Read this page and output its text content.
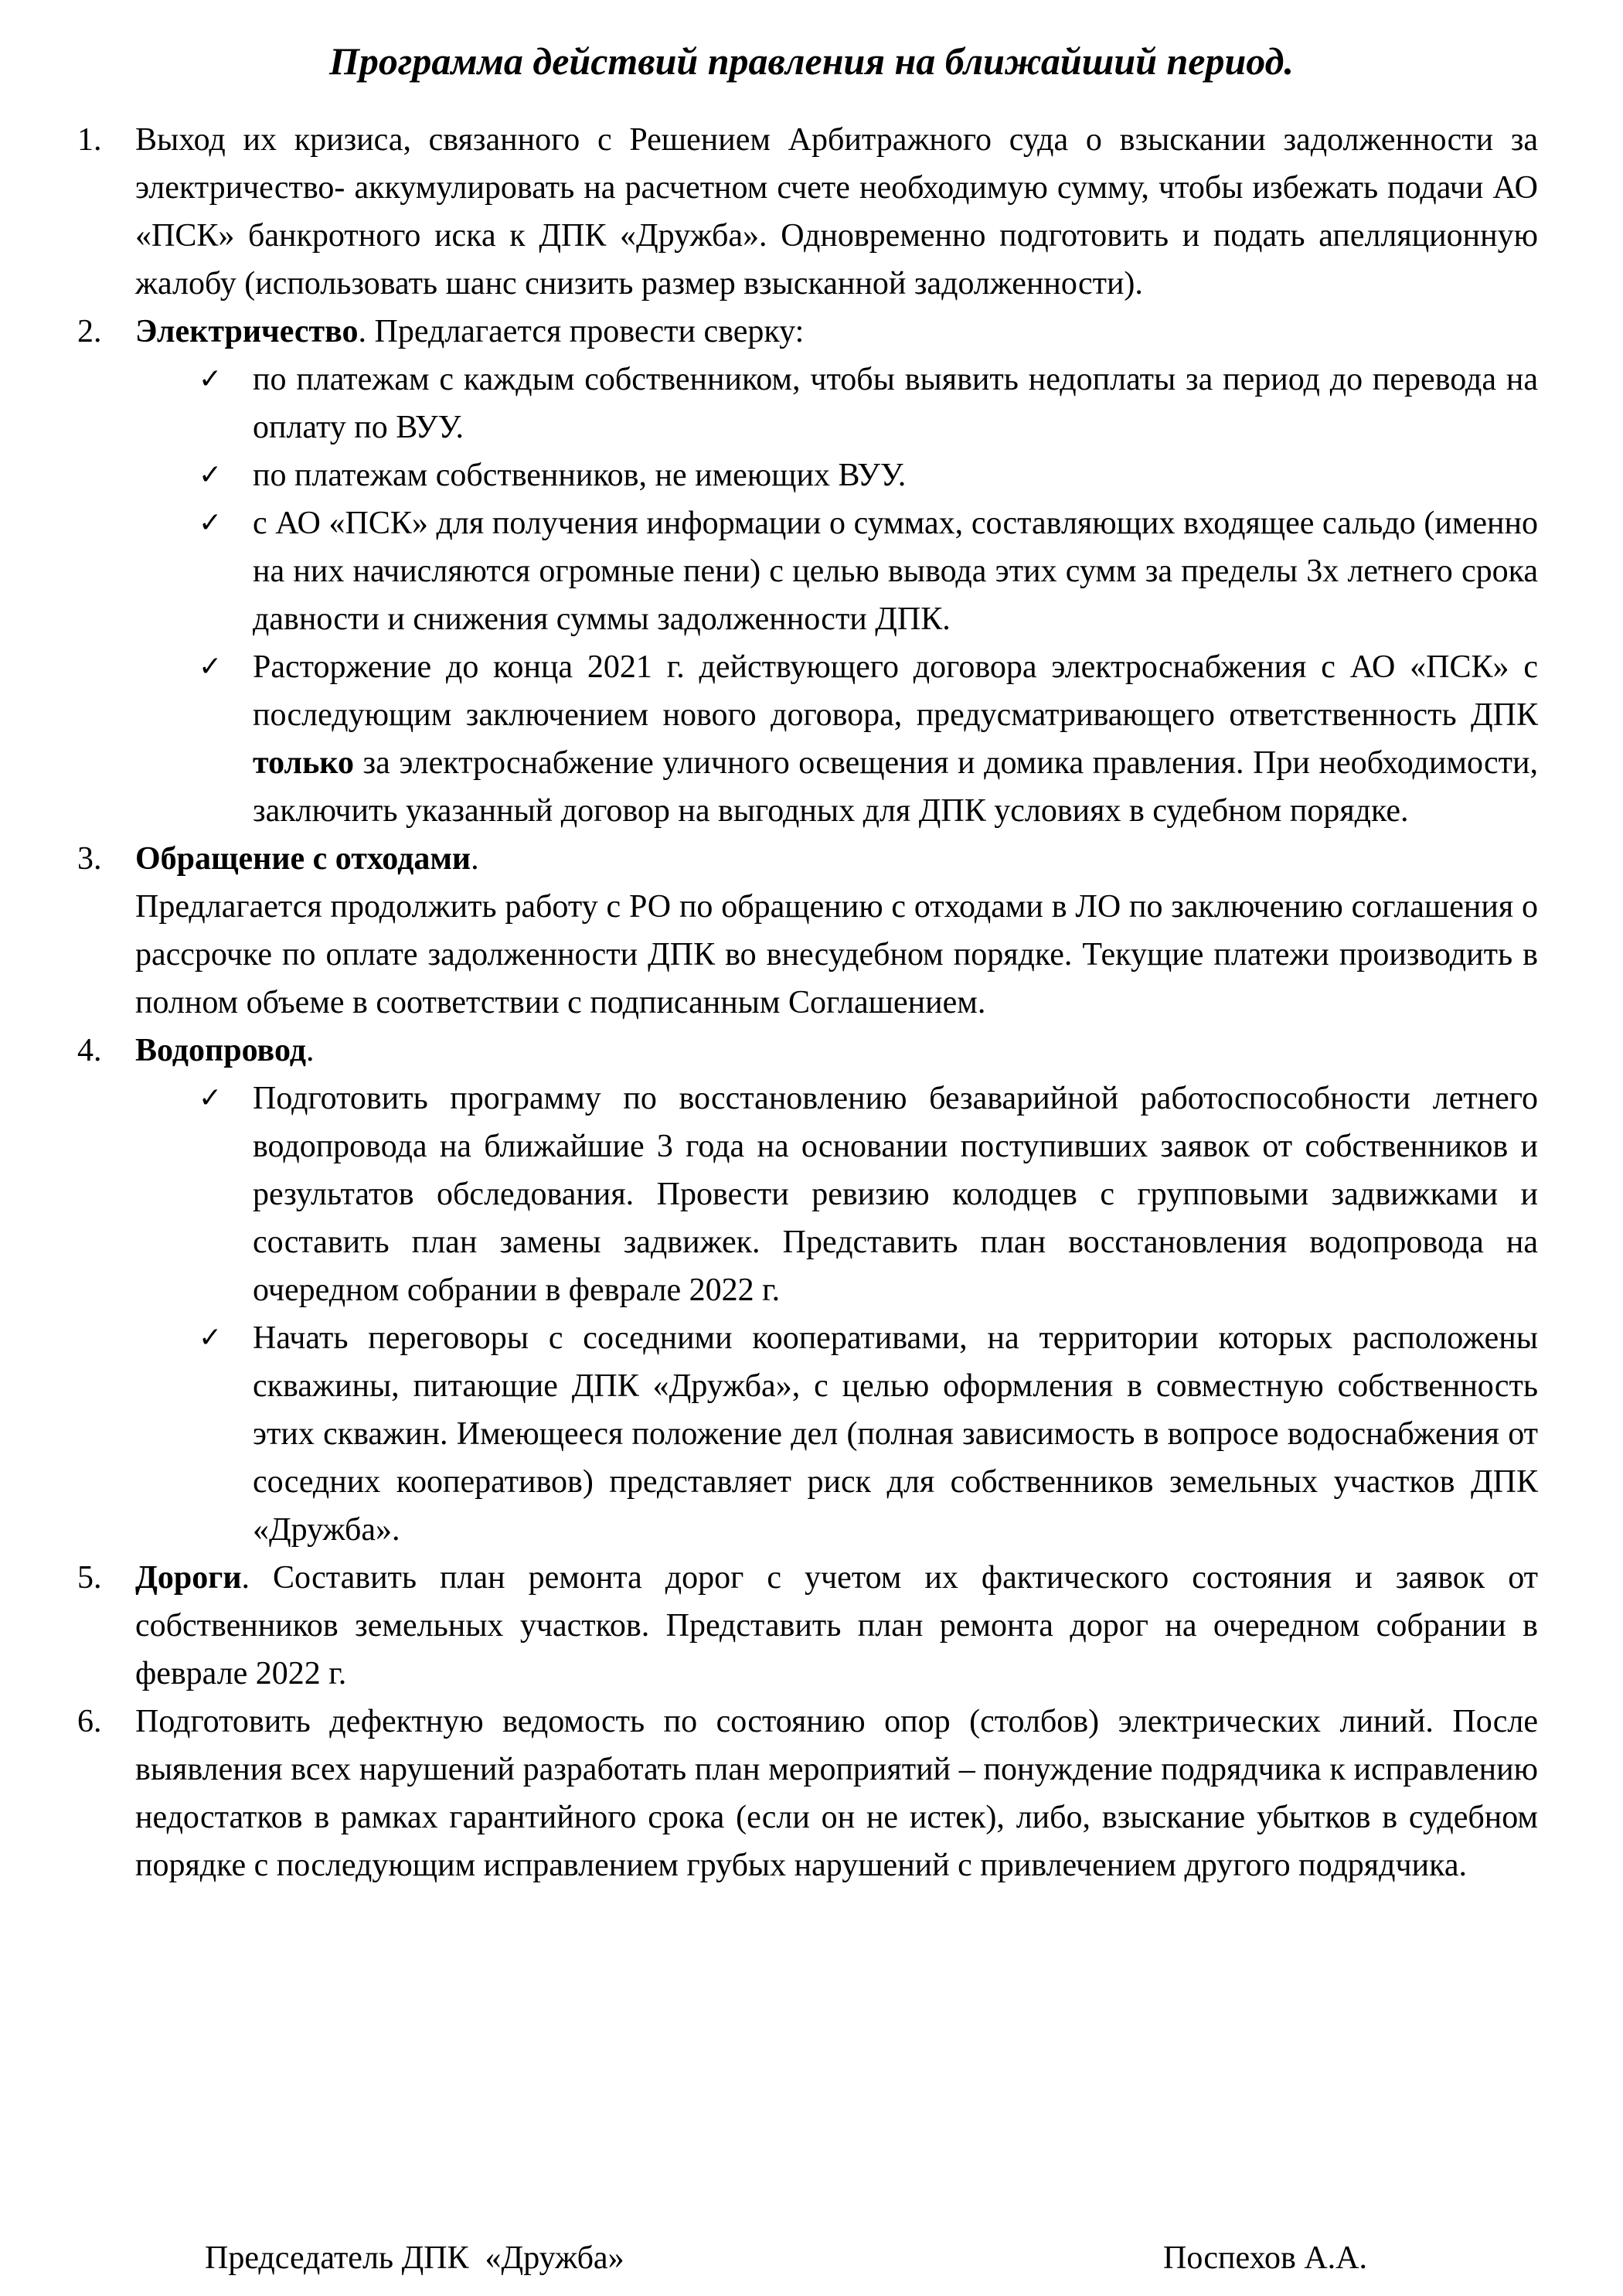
Программа действий правления на ближайший период.
1.	Выход их кризиса, связанного с Решением Арбитражного суда о взыскании задолженности за электричество- аккумулировать на расчетном счете необходимую сумму, чтобы избежать подачи АО «ПСК» банкротного иска к ДПК «Дружба». Одновременно подготовить и подать апелляционную жалобу (использовать шанс снизить размер взысканной задолженности).

2.	Электричество. Предлагается провести сверку:

✓ по платежам с каждым собственником, чтобы выявить недоплаты за период до перевода на оплату по ВУУ.

✓ по платежам собственников, не имеющих ВУУ.

✓ с АО «ПСК» для получения информации о суммах, составляющих входящее сальдо (именно на них начисляются огромные пени) с целью вывода этих сумм за пределы 3х летнего срока давности и снижения суммы задолженности ДПК.

✓ Расторжение до конца 2021 г. действующего договора электроснабжения с АО «ПСК» с последующим заключением нового договора, предусматривающего ответственность ДПК только за электроснабжение уличного освещения и домика правления. При необходимости, заключить указанный договор на выгодных для ДПК условиях в судебном порядке.

3.	Обращение с отходами.

Предлагается продолжить работу с РО по обращению с отходами в ЛО по заключению соглашения о рассрочке по оплате задолженности ДПК во внесудебном порядке. Текущие платежи производить в полном объеме в соответствии с подписанным Соглашением.

4.	Водопровод.

✓ Подготовить программу по восстановлению безаварийной работоспособности летнего водопровода на ближайшие 3 года на основании поступивших заявок от собственников и результатов обследования. Провести ревизию колодцев с групповыми задвижками и составить план замены задвижек. Представить план восстановления водопровода на очередном собрании в феврале 2022 г.

✓ Начать переговоры с соседними кооперативами, на территории которых расположены скважины, питающие ДПК «Дружба», с целью оформления в совместную собственность этих скважин. Имеющееся положение дел (полная зависимость в вопросе водоснабжения от соседних кооперативов) представляет риск для собственников земельных участков ДПК «Дружба».

5.	Дороги. Составить план ремонта дорог с учетом их фактического состояния и заявок от собственников земельных участков. Представить план ремонта дорог на очередном собрании в феврале 2022 г.

6.	Подготовить дефектную ведомость по состоянию опор (столбов) электрических линий. После выявления всех нарушений разработать план мероприятий – понуждение подрядчика к исправлению недостатков в рамках гарантийного срока (если он не истек), либо, взыскание убытков в судебном порядке с последующим исправлением грубых нарушений с привлечением другого подрядчика.

Председатель ДПК  «Дружба»	Поспехов А.А.
